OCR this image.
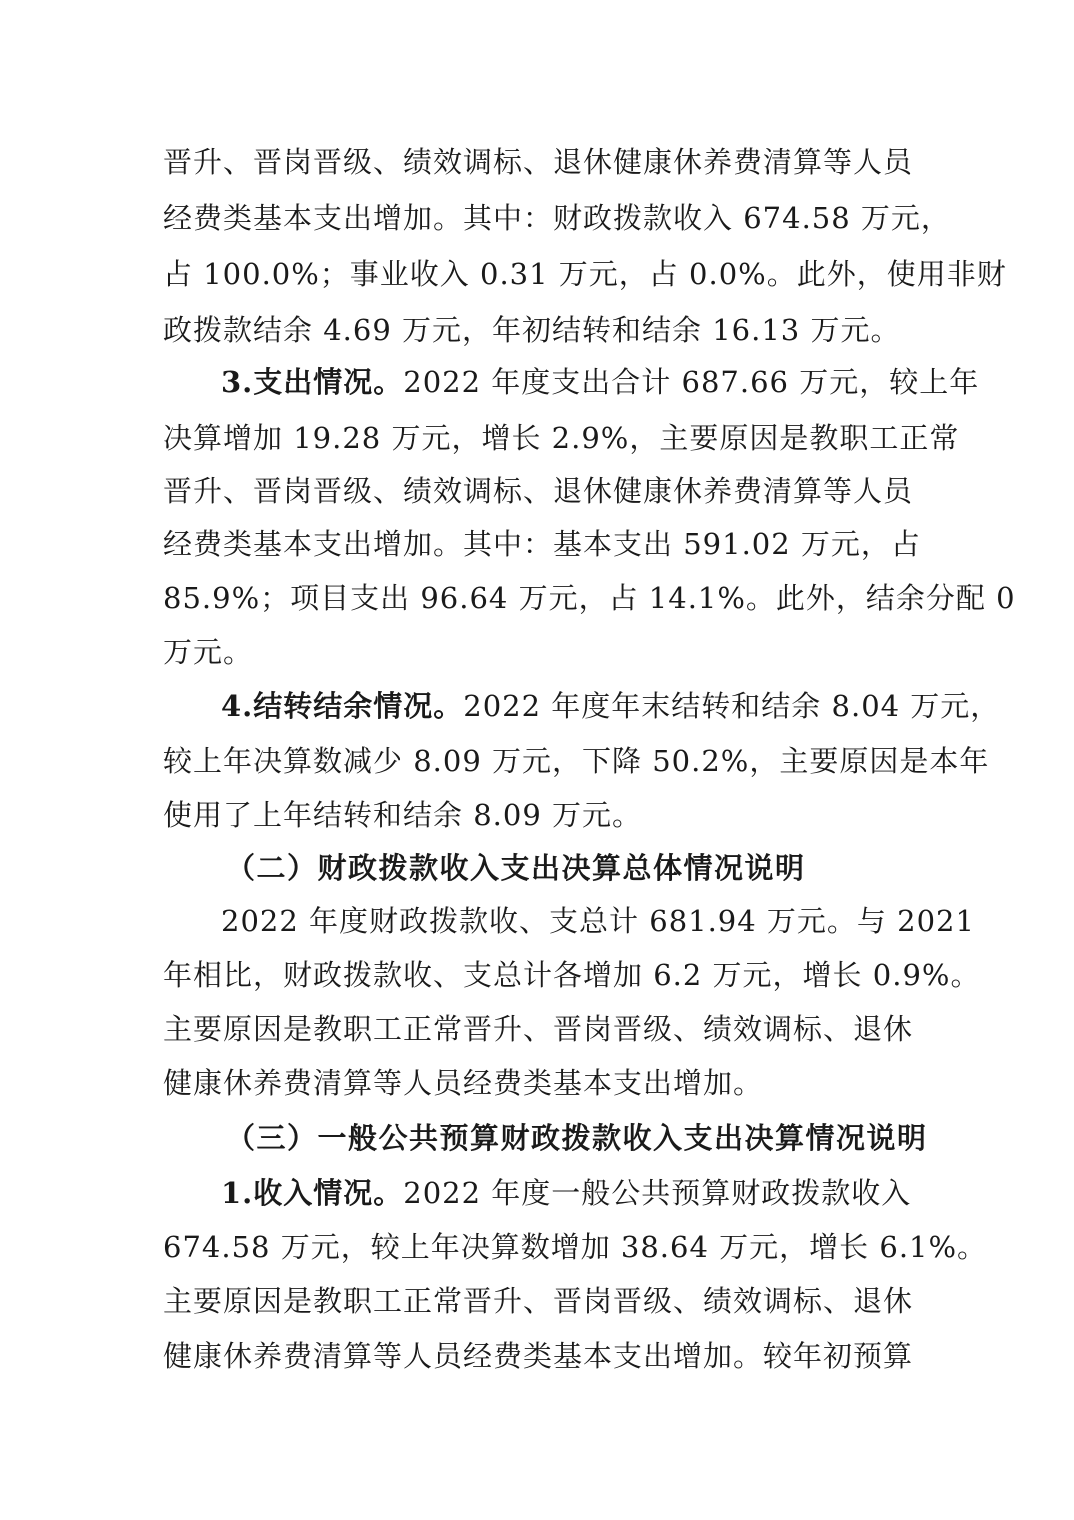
晋升、晋岗晋级、绩效调标、退休健康休养费清算等人员
经费类基本支出增加。其中：财政拨款收入 674.58 万元，
占 100.0%；事业收入 0.31 万元，占 0.0%。此外，使用非财
政拨款结余 4.69 万元，年初结转和结余 16.13 万元。
3.支出情况。2022 年度支出合计 687.66 万元，较上年
决算增加 19.28 万元，增长 2.9%，主要原因是教职工正常
晋升、晋岗晋级、绩效调标、退休健康休养费清算等人员
经费类基本支出增加。其中：基本支出 591.02 万元，占
85.9%；项目支出 96.64 万元，占 14.1%。此外，结余分配 0
万元。
4.结转结余情况。2022 年度年末结转和结余 8.04 万元，
较上年决算数减少 8.09 万元，下降 50.2%，主要原因是本年
使用了上年结转和结余 8.09 万元。
（二）财政拨款收入支出决算总体情况说明
2022 年度财政拨款收、支总计 681.94 万元。与 2021
年相比，财政拨款收、支总计各增加 6.2 万元，增长 0.9%。
主要原因是教职工正常晋升、晋岗晋级、绩效调标、退休
健康休养费清算等人员经费类基本支出增加。
（三）一般公共预算财政拨款收入支出决算情况说明
1.收入情况。2022 年度一般公共预算财政拨款收入
674.58 万元，较上年决算数增加 38.64 万元，增长 6.1%。
主要原因是教职工正常晋升、晋岗晋级、绩效调标、退休
健康休养费清算等人员经费类基本支出增加。较年初预算
